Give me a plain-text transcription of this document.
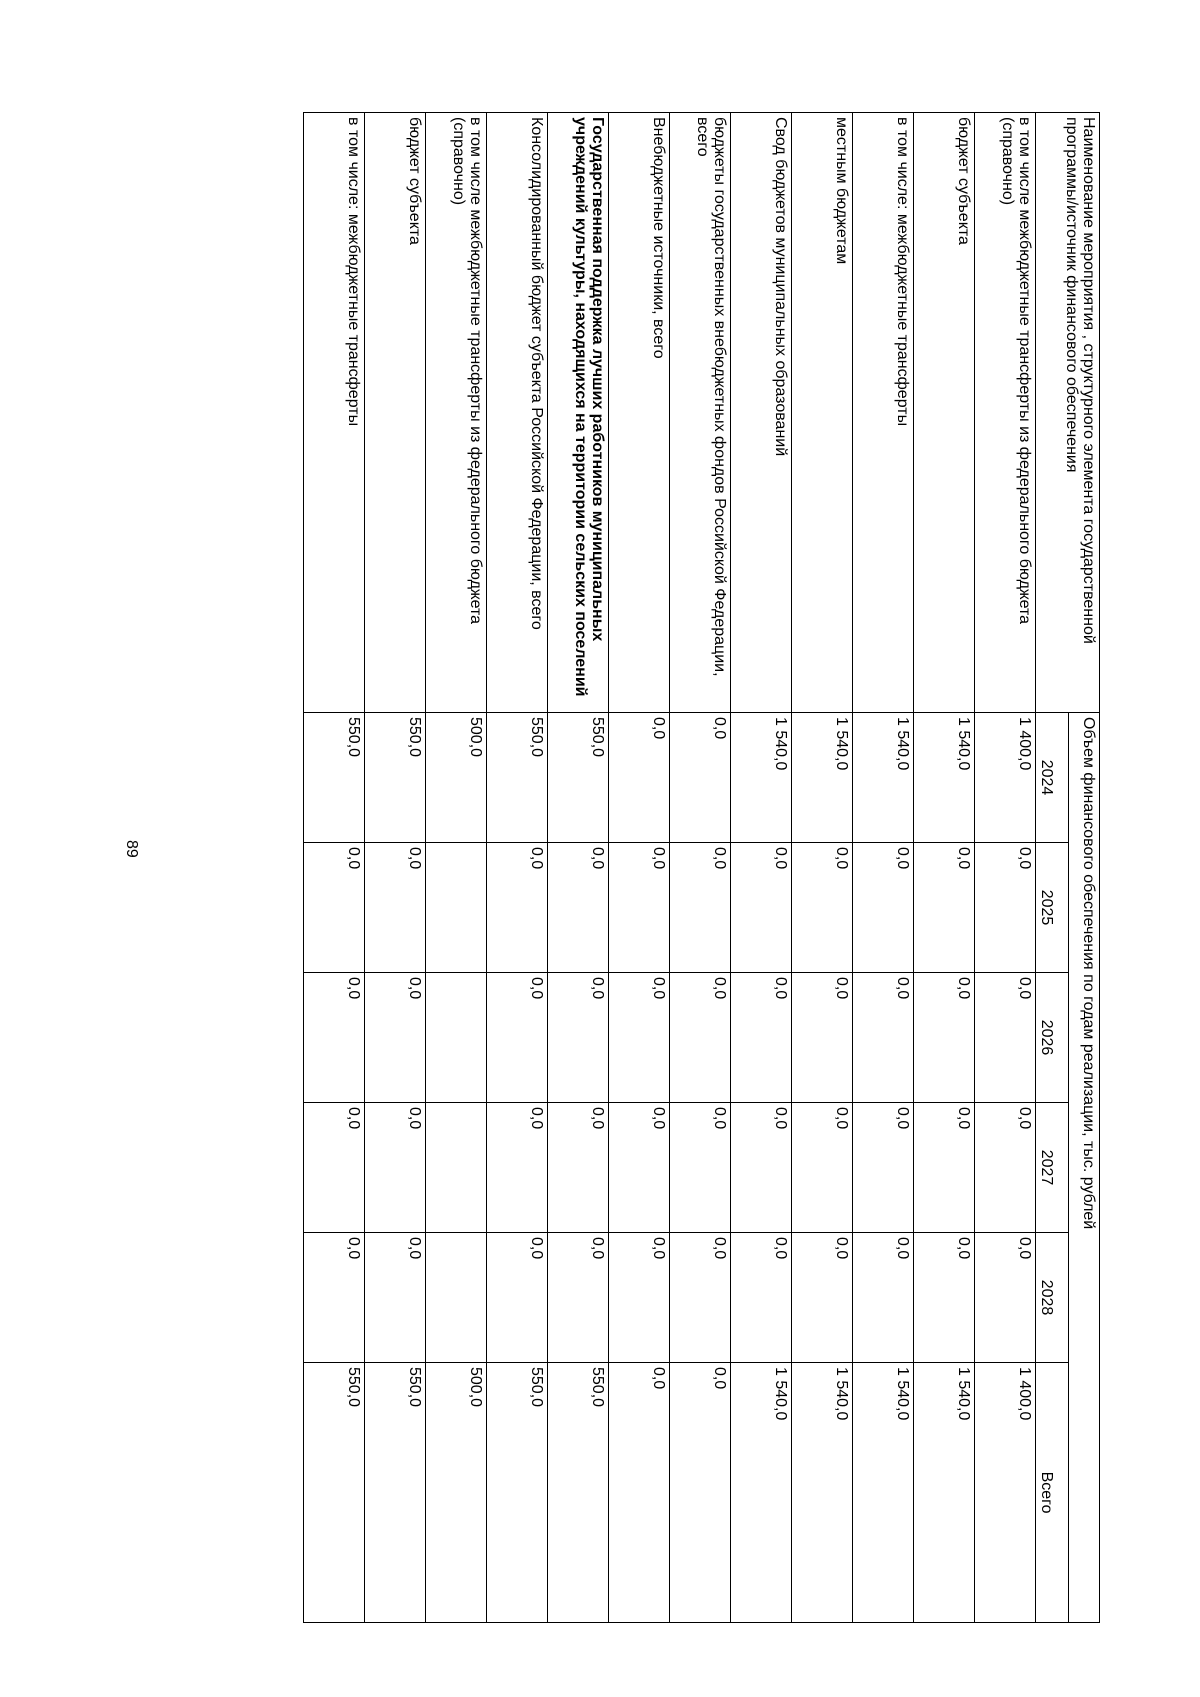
89
Наименование мероприятия , структурного элемента государственной программы/источник финансового обеспечения	Объем финансового обеспечения по годам реализации, тыс. рублей					
	2024	2025	2026	2027	2028	Всего
в том числе межбюджетные трансферты из федерального бюджета (справочно)	1 400,0	0,0	0,0	0,0	0,0	1 400,0
бюджет субъекта	1 540,0	0,0	0,0	0,0	0,0	1 540,0
в том числе: межбюджетные трансферты	1 540,0	0,0	0,0	0,0	0,0	1 540,0
местным бюджетам	1 540,0	0,0	0,0	0,0	0,0	1 540,0
Свод бюджетов муниципальных образований	1 540,0	0,0	0,0	0,0	0,0	1 540,0
бюджеты государственных внебюджетных фондов Российской Федерации, всего	0,0	0,0	0,0	0,0	0,0	0,0
Внебюджетные источники, всего	0,0	0,0	0,0	0,0	0,0	0,0
Государственная поддержка лучших работников муниципальных учреждений культуры, находящихся на территории сельских поселений	550,0	0,0	0,0	0,0	0,0	550,0
Консолидированный бюджет субъекта Российской Федерации, всего	550,0	0,0	0,0	0,0	0,0	550,0
в том числе межбюджетные трансферты из федерального бюджета (справочно)	500,0					500,0
бюджет субъекта	550,0	0,0	0,0	0,0	0,0	550,0
в том числе: межбюджетные трансферты	550,0	0,0	0,0	0,0	0,0	550,0
